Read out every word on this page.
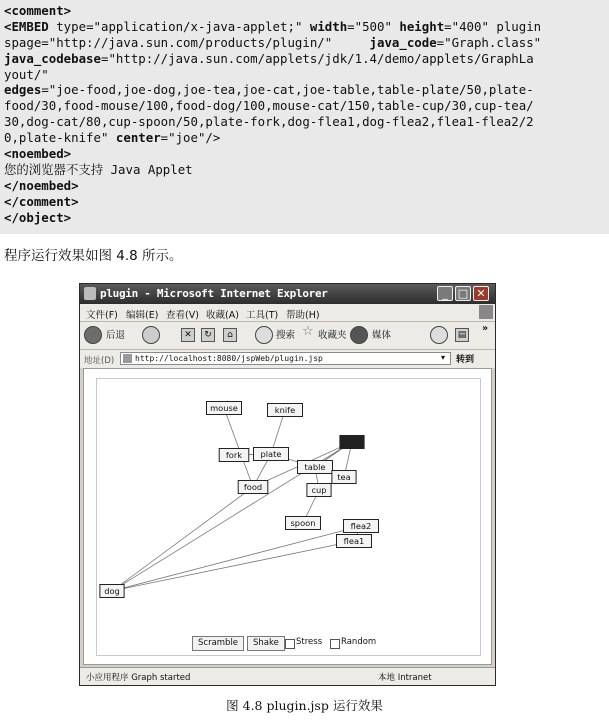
<comment>
<EMBED type="application/x-java-applet;" width="500" height="400" plugin
spage="http://java.sun.com/products/plugin/"     java_code="Graph.class"
java_codebase="http://java.sun.com/applets/jdk/1.4/demo/applets/GraphLa
yout/"
edges="joe-food,joe-dog,joe-tea,joe-cat,joe-table,table-plate/50,plate-
food/30,food-mouse/100,food-dog/100,mouse-cat/150,table-cup/30,cup-tea/
30,dog-cat/80,cup-spoon/50,plate-fork,dog-flea1,dog-flea2,flea1-flea2/2
0,plate-knife" center="joe"/>
<noembed>
您的浏览器不支持 Java Applet
</noembed>
</comment>
</object>
程序运行效果如图 4.8 所示。
plugin - Microsoft Internet Explorer	_ □ ✕
文件(F) 编辑(E) 查看(V) 收藏(A) 工具(T) 帮助(H)
后退	✕	↻	⌂	搜索 ☆ 收藏夹	媒体	▤
»
地址(D)	http://localhost:8080/jspWeb/plugin.jsp	▾ 转到
mouse	knife
fork plate
joe
table
tea
food	cup
spoon	flea2
flea1
dog
Scramble	Shake	Stress Random
小应用程序 Graph started	本地 Intranet
图 4.8 plugin.jsp 运行效果
